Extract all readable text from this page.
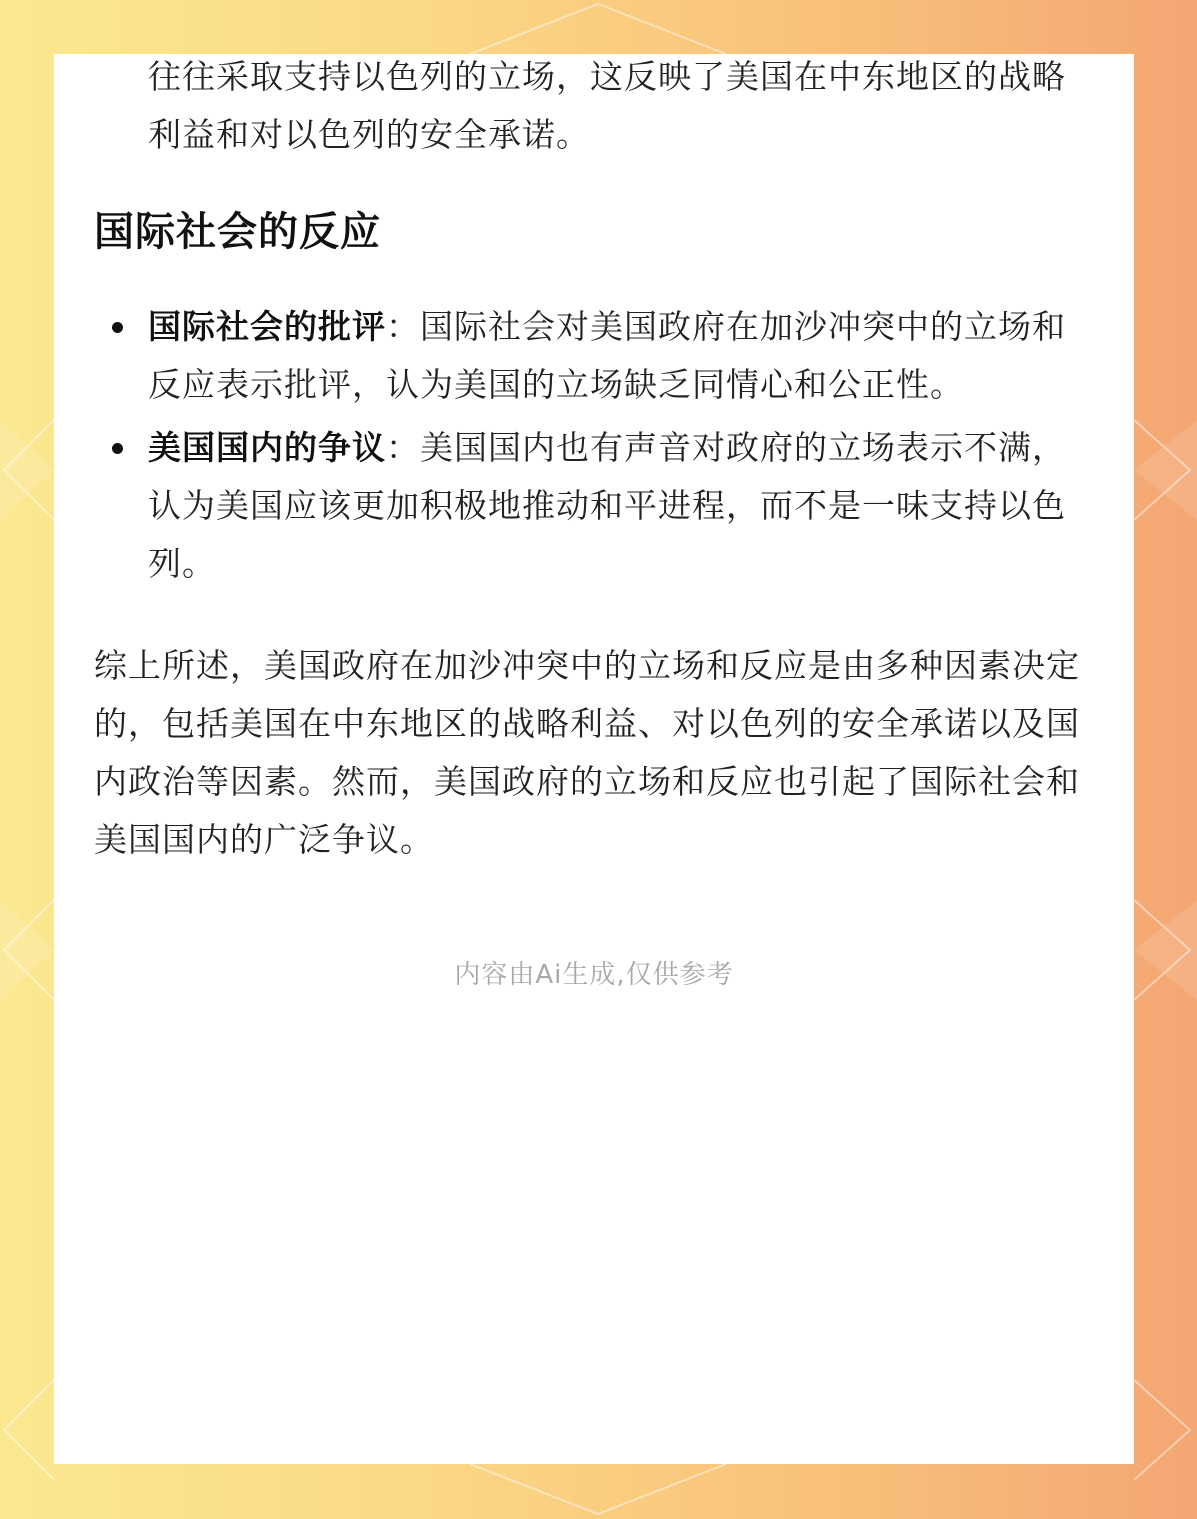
往往采取支持以色列的立场，这反映了美国在中东地区的战略利益和对以色列的安全承诺。

国际社会的反应
国际社会的批评：国际社会对美国政府在加沙冲突中的立场和反应表示批评，认为美国的立场缺乏同情心和公正性。
美国国内的争议：美国国内也有声音对政府的立场表示不满，认为美国应该更加积极地推动和平进程，而不是一味支持以色列。

综上所述，美国政府在加沙冲突中的立场和反应是由多种因素决定的，包括美国在中东地区的战略利益、对以色列的安全承诺以及国内政治等因素。然而，美国政府的立场和反应也引起了国际社会和美国国内的广泛争议。

内容由Ai生成,仅供参考
